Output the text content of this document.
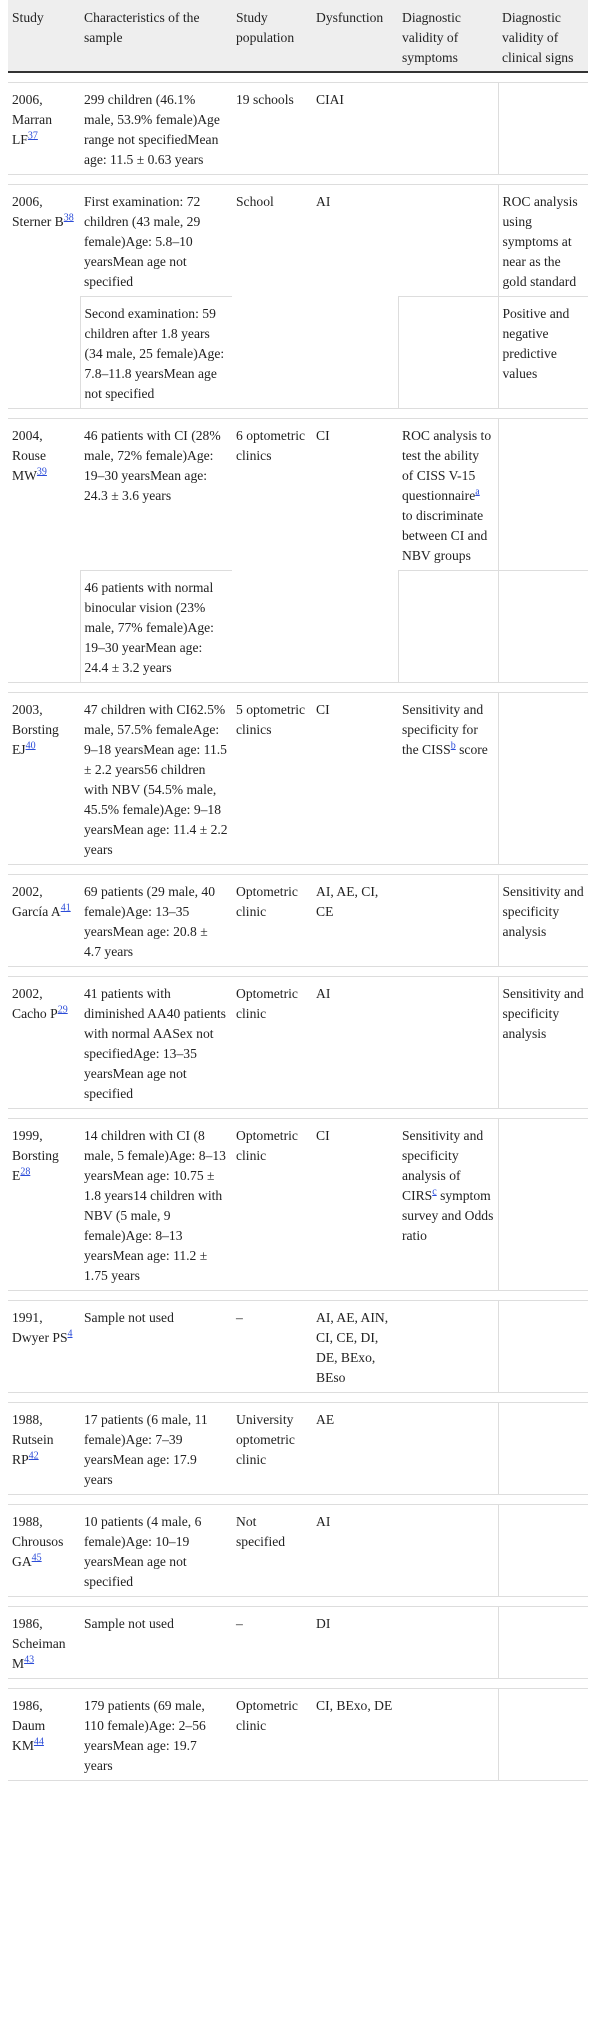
Study	Characteristics of the sample	Study population	Dysfunction	Diagnostic validity of symptoms	Diagnostic validity of clinical signs

2006, Marran LF$^{37}$	299 children (46.1% male, 53.9% female)Age range not specifiedMean age: 11.5 ± 0.63 years	19 schools	CIAI		

2006, Sterner B$^{38}$	First examination: 72 children (43 male, 29 female)Age: 5.8–10 yearsMean age not specified	School	AI		ROC analysis using symptoms at near as the gold standard
	Second examination: 59 children after 1.8 years (34 male, 25 female)Age: 7.8–11.8 yearsMean age not specified				Positive and negative predictive values

2004, Rouse MW$^{39}$	46 patients with CI (28% male, 72% female)Age: 19–30 yearsMean age: 24.3 ± 3.6 years	6 optometric clinics	CI	ROC analysis to test the ability of CISS V-15 questionnaire$^a$ to discriminate between CI and NBV groups	
	46 patients with normal binocular vision (23% male, 77% female)Age: 19–30 yearMean age: 24.4 ± 3.2 years				

2003, Borsting EJ$^{40}$	47 children with CI62.5% male, 57.5% femaleAge: 9–18 yearsMean age: 11.5 ± 2.2 years56 children with NBV (54.5% male, 45.5% female)Age: 9–18 yearsMean age: 11.4 ± 2.2 years	5 optometric clinics	CI	Sensitivity and specificity for the CISS$^b$ score	

2002, García A$^{41}$	69 patients (29 male, 40 female)Age: 13–35 yearsMean age: 20.8 ± 4.7 years	Optometric clinic	AI, AE, CI, CE		Sensitivity and specificity analysis

2002, Cacho P$^{29}$	41 patients with diminished AA40 patients with normal AASex not specifiedAge: 13–35 yearsMean age not specified	Optometric clinic	AI		Sensitivity and specificity analysis

1999, Borsting E$^{28}$	14 children with CI (8 male, 5 female)Age: 8–13 yearsMean age: 10.75 ± 1.8 years14 children with NBV (5 male, 9 female)Age: 8–13 yearsMean age: 11.2 ± 1.75 years	Optometric clinic	CI	Sensitivity and specificity analysis of CIRS$^c$ symptom survey and Odds ratio	

1991, Dwyer PS$^4$	Sample not used	–	AI, AE, AIN, CI, CE, DI, DE, BExo, BEso		

1988, Rutsein RP$^{42}$	17 patients (6 male, 11 female)Age: 7–39 yearsMean age: 17.9 years	University optometric clinic	AE		

1988, Chrousos GA$^{45}$	10 patients (4 male, 6 female)Age: 10–19 yearsMean age not specified	Not specified	AI		

1986, Scheiman M$^{43}$	Sample not used	–	DI		

1986, Daum KM$^{44}$	179 patients (69 male, 110 female)Age: 2–56 yearsMean age: 19.7 years	Optometric clinic	CI, BExo, DE		
